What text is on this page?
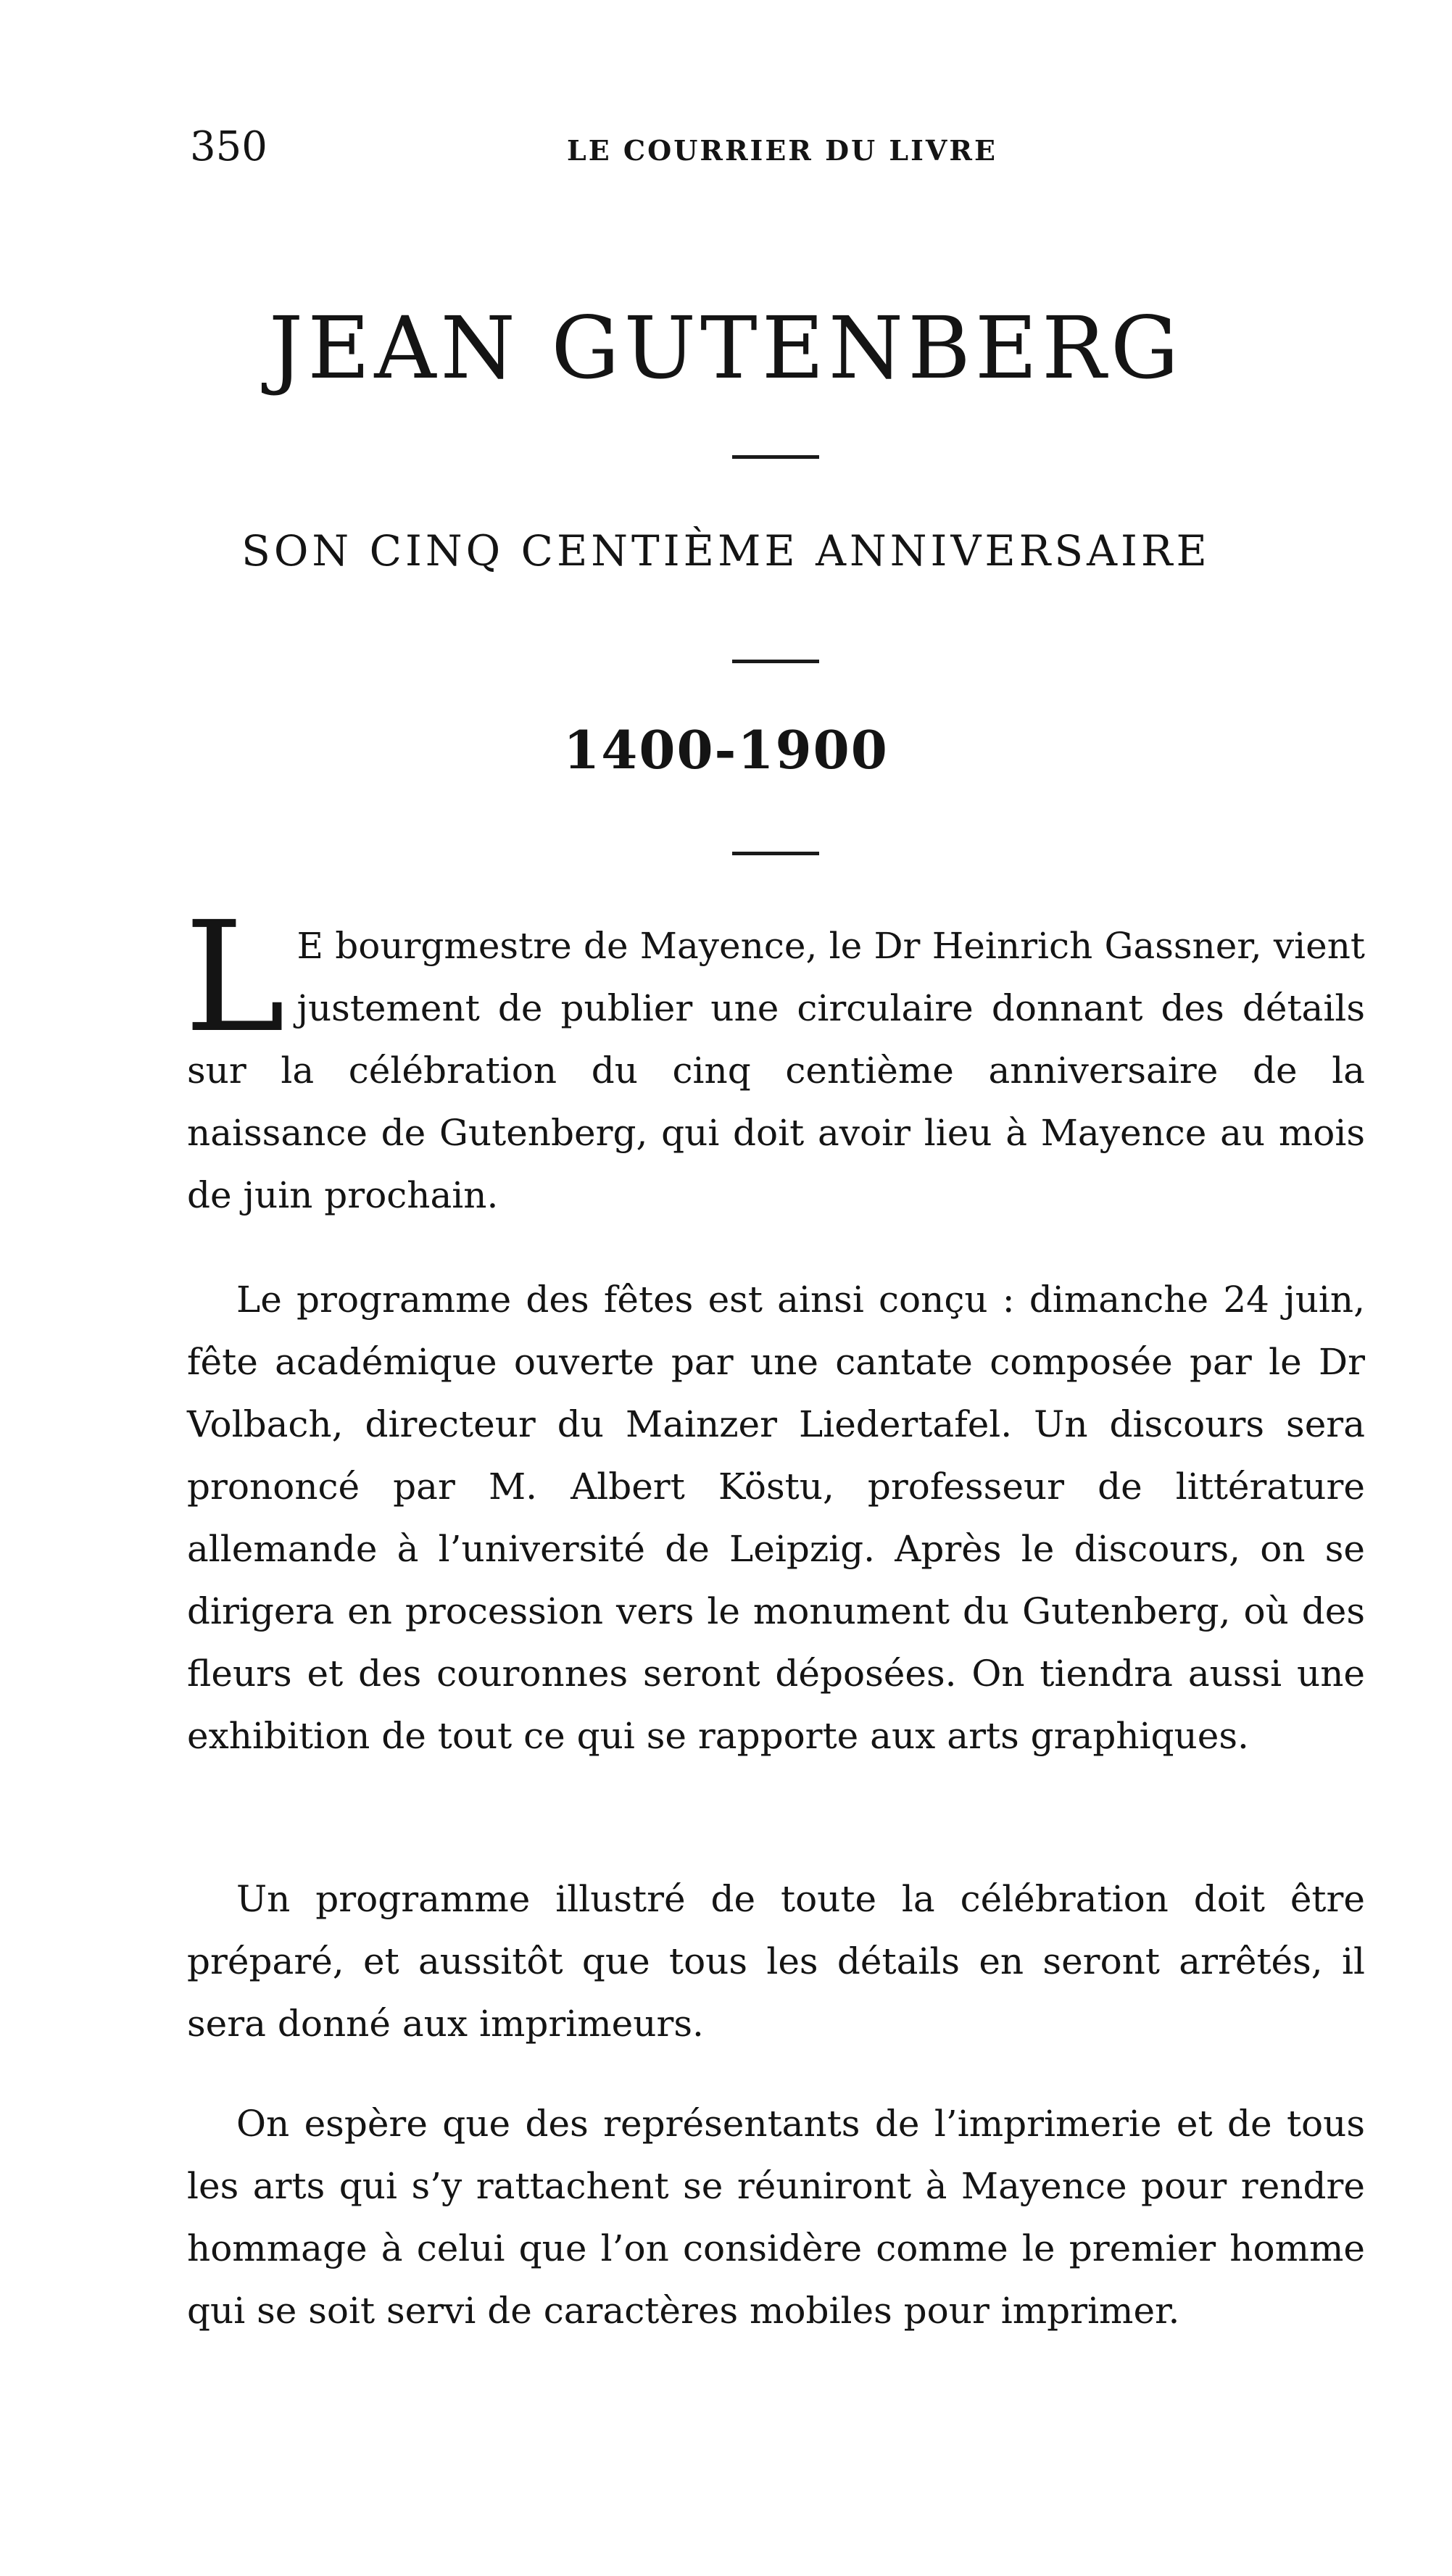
350	LE COURRIER DU LIVRE
JEAN GUTENBERG
SON CINQ CENTIÈME ANNIVERSAIRE
1400-1900

L E bourgmestre de Mayence, le Dr Heinrich Gassner, vient justement de publier une circulaire donnant des détails sur la célébration du cinq centième anniversaire de la naissance de Gutenberg, qui doit avoir lieu à Mayence au mois de juin prochain.

Le programme des fêtes est ainsi conçu : dimanche 24 juin, fête académique ouverte par une cantate composée par le Dr Volbach, directeur du Mainzer Liedertafel. Un discours sera prononcé par M. Albert Köstu, professeur de littérature allemande à l’université de Leipzig. Après le discours, on se dirigera en procession vers le monument du Gutenberg, où des fleurs et des couronnes seront déposées. On tiendra aussi une exhibition de tout ce qui se rapporte aux arts graphiques.

Un programme illustré de toute la célébration doit être préparé, et aussitôt que tous les détails en seront arrêtés, il sera donné aux imprimeurs.

On espère que des représentants de l’imprimerie et de tous les arts qui s’y rattachent se réuniront à Mayence pour rendre hommage à celui que l’on considère comme le premier homme qui se soit servi de caractères mobiles pour imprimer.
